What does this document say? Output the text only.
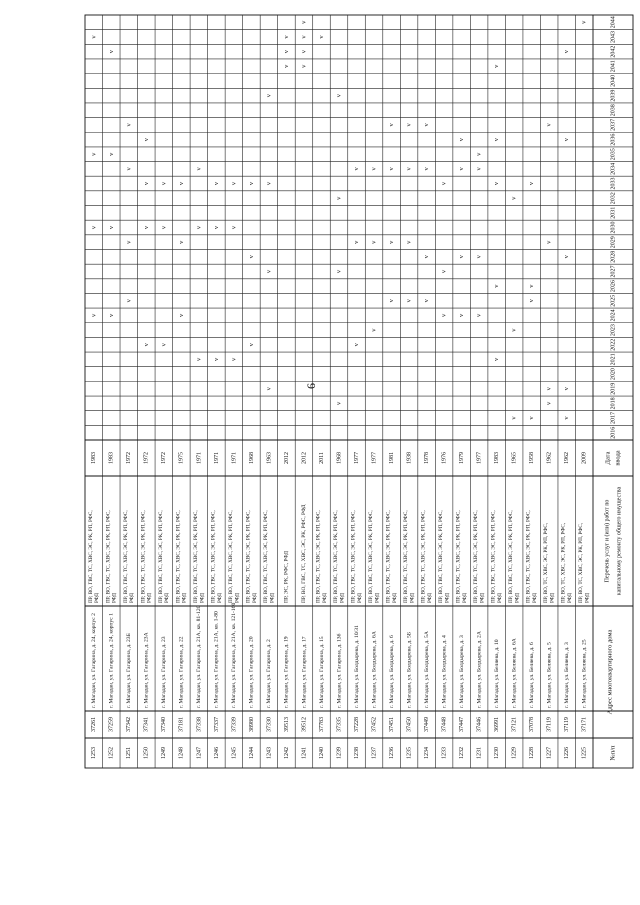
6
№п/п
Адрес многоквартирного дома
Перечень услуг и (или) работ по капитальному ремонту общего имущества
Дата ввода
2016
2017
2018
2019
2020
2021
2022
2023
2024
2025
2026
2027
2028
2029
2030
2031
2032
2033
2034
2035
2036
2037
2038
2039
2040
2041
2042
2043
2044
1225
37171
г. Магадан, ул. Беляева, д. 25
ПР, ВО, ТС, ХВС, ЭС, РК, РП, РФС, РФД
2009
v
1226
37119
г. Магадан, ул. Беляева, д. 3
ПР, ВО, ТС, ХВС, ЭС, РК, РП, РФС, РФД
1962
v
v
v
v
v
1227
37119
г. Магадан, ул. Беляева, д. 5
ПР, ВО, ТС, ХВС, ЭС, РК, РП, РФС, РФД
1962
v
v
v
v
1228
37078
г. Магадан, ул. Беляева, д. 6
ПР, ВО, ГВС, ТС, ХВС, ЭС, РК, РП, РФС, РФД
1958
v
v
v
v
1229
37121
г. Магадан, ул. Беляева, д. 6А
ПР, ВО, ГВС, ТС, ХВС, ЭС, РК, РП, РФС, РФД
1965
v
v
v
1230
36991
г. Магадан, ул. Беляева, д. 10
ПР, ВО, ГВС, ТС, ХВС, ЭС, РК, РП, РФС, РФД
1983
v
v
v
v
v
1231
37446
г. Магадан, ул. Болдырева, д. 2А
ПР, ВО, ГВС, ТС, ХВС, ЭС, РК, РП, РФС, РФД
1977
v
v
v
v
1232
37447
г. Магадан, ул. Болдырева, д. 3
ПР, ВО, ГВС, ТС, ХВС, ЭС, РК, РП, РФС, РФД
1979
v
v
v
v
1233
37448
г. Магадан, ул. Болдырева, д. 4
ПР, ВО, ГВС, ТС, ХВС, ЭС, РК, РП, РФС, РФД
1976
v
v
v
1234
37449
г. Магадан, ул. Болдырева, д. 5А
ПР, ВО, ГВС, ТС, ХВС, ЭС, РК, РП, РФС, РФД
1978
v
v
v
v
1235
37450
г. Магадан, ул. Болдырева, д. 5Б
ПР, ВО, ГВС, ТС, ХВС, ЭС, РК, РП, РФС, РФД
1938
v
v
v
v
1236
37451
г. Магадан, ул. Болдырева, д. 6
ПР, ВО, ГВС, ТС, ХВС, ЭС, РК, РП, РФС, РФД
1981
v
v
v
v
1237
37452
г. Магадан, ул. Болдырева, д. 6А
ПР, ВО, ГВС, ТС, ХВС, ЭС, РК, РП, РФС, РФД
1977
v
v
v
1238
37228
г. Магадан, ул. Болдырева, д. 10/31
ПР, ВО, ГВС, ТС, ХВС, ЭС, РК, РП, РФС, РФД
1977
v
v
v
1239
37335
г. Магадан, ул. Гагарина, д. 13б
ПР, ВО, ГВС, ТС, ХВС, ЭС, РК, РП, РФС, РФД
1968
v
v
v
v
1240
37783
г. Магадан, ул. Гагарина, д. 15
ПР, ВО, ГВС, ТС, ХВС, ЭС, РК, РП, РФС, РФД
2011
v
1241
39512
г. Магадан, ул. Гагарина, д. 17
ПР, ВО, ГВС, ТС, ХВС, ЭС, РК, РФС, РФД
2012
v
v
v
v
1242
39513
г. Магадан, ул. Гагарина, д. 19
ПР, ЭС, РК, РФС, РФД
2012
v
v
v
1243
37330
г. Магадан, ул. Гагарина, д. 2
ПР, ВО, ГВС, ТС, ХВС, ЭС, РК, РП, РФС, РФД
1963
v
v
v
v
1244
38980
г. Магадан, ул. Гагарина, д. 20
ПР, ВО, ГВС, ТС, ХВС, ЭС, РК, РП, РФС, РФД
1968
v
v
v
1245
37339
г. Магадан, ул. Гагарина, д. 21А, кв. 121-160
ПР, ВО, ГВС, ТС, ХВС, ЭС, РК, РП, РФС, РФД
1971
v
v
v
1246
37337
г. Магадан, ул. Гагарина, д. 21А, кв. 1-80
ПР, ВО, ГВС, ТС, ХВС, ЭС, РК, РП, РФС, РФД
1971
v
v
v
1247
37338
г. Магадан, ул. Гагарина, д. 21А, кв. 81-120
ПР, ВО, ГВС, ТС, ХВС, ЭС, РК, РП, РФС, РФД
1971
v
v
v
1248
37181
г. Магадан, ул. Гагарина, д. 22
ПР, ВО, ГВС, ТС, ХВС, ЭС, РК, РП, РФС, РФД
1975
v
v
v
1249
37340
г. Магадан, ул. Гагарина, д. 23
ПР, ВО, ГВС, ТС, ХВС, ЭС, РК, РП, РФС, РФД
1972
v
v
v
1250
37341
г. Магадан, ул. Гагарина, д. 23А
ПР, ВО, ГВС, ТС, ХВС, ЭС, РК, РП, РФС, РФД
1972
v
v
v
v
1251
37342
г. Магадан, ул. Гагарина, д. 23Б
ПР, ВО, ГВС, ТС, ХВС, ЭС, РК, РП, РФС, РФД
1972
v
v
v
v
1252
37259
г. Магадан, ул. Гагарина, д. 24, корпус 1
ПР, ВО, ГВС, ТС, ХВС, ЭС, РК, РП, РФС, РФД
1983
v
v
v
v
1253
37261
г. Магадан, ул. Гагарина, д. 24, корпус 2
ПР, ВО, ГВС, ТС, ХВС, ЭС, РК, РП, РФС, РФД
1983
v
v
v
v
